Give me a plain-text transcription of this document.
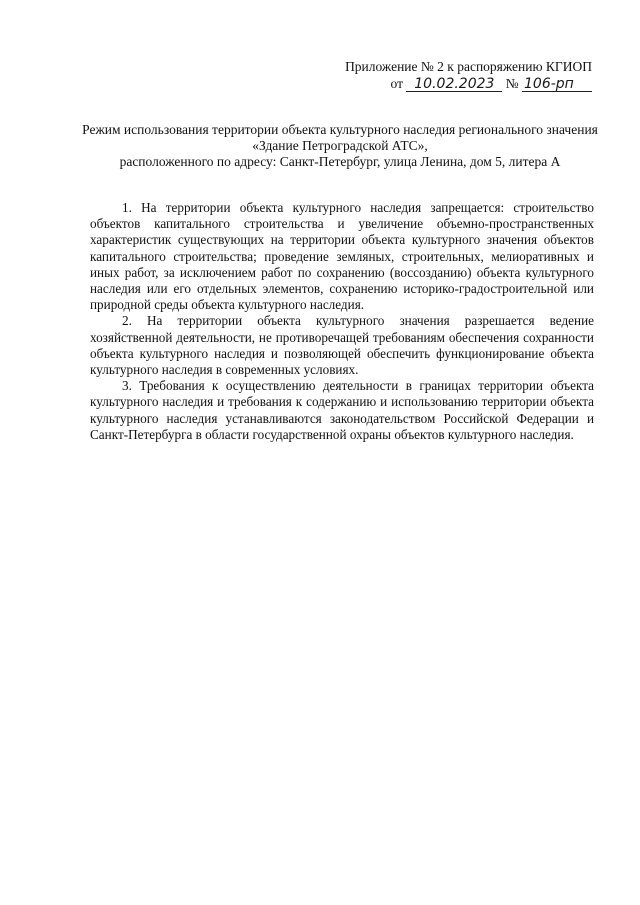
Приложение № 2 к распоряжению КГИОП
от 10.02.2023 № 106-рп
Режим использования территории объекта культурного наследия регионального значения
«Здание Петроградской АТС»,
расположенного по адресу: Санкт-Петербург, улица Ленина, дом 5, литера А

1. На территории объекта культурного наследия запрещается: строительство объектов капитального строительства и увеличение объемно-пространственных характеристик существующих на территории объекта культурного значения объектов капитального строительства; проведение земляных, строительных, мелиоративных и иных работ, за исключением работ по сохранению (воссозданию) объекта культурного наследия или его отдельных элементов, сохранению историко-градостроительной или природной среды объекта культурного наследия.

2. На территории объекта культурного значения разрешается ведение хозяйственной деятельности, не противоречащей требованиям обеспечения сохранности объекта культурного наследия и позволяющей обеспечить функционирование объекта культурного наследия в современных условиях.

3. Требования к осуществлению деятельности в границах территории объекта культурного наследия и требования к содержанию и использованию территории объекта культурного наследия устанавливаются законодательством Российской Федерации и Санкт-Петербурга в области государственной охраны объектов культурного наследия.
